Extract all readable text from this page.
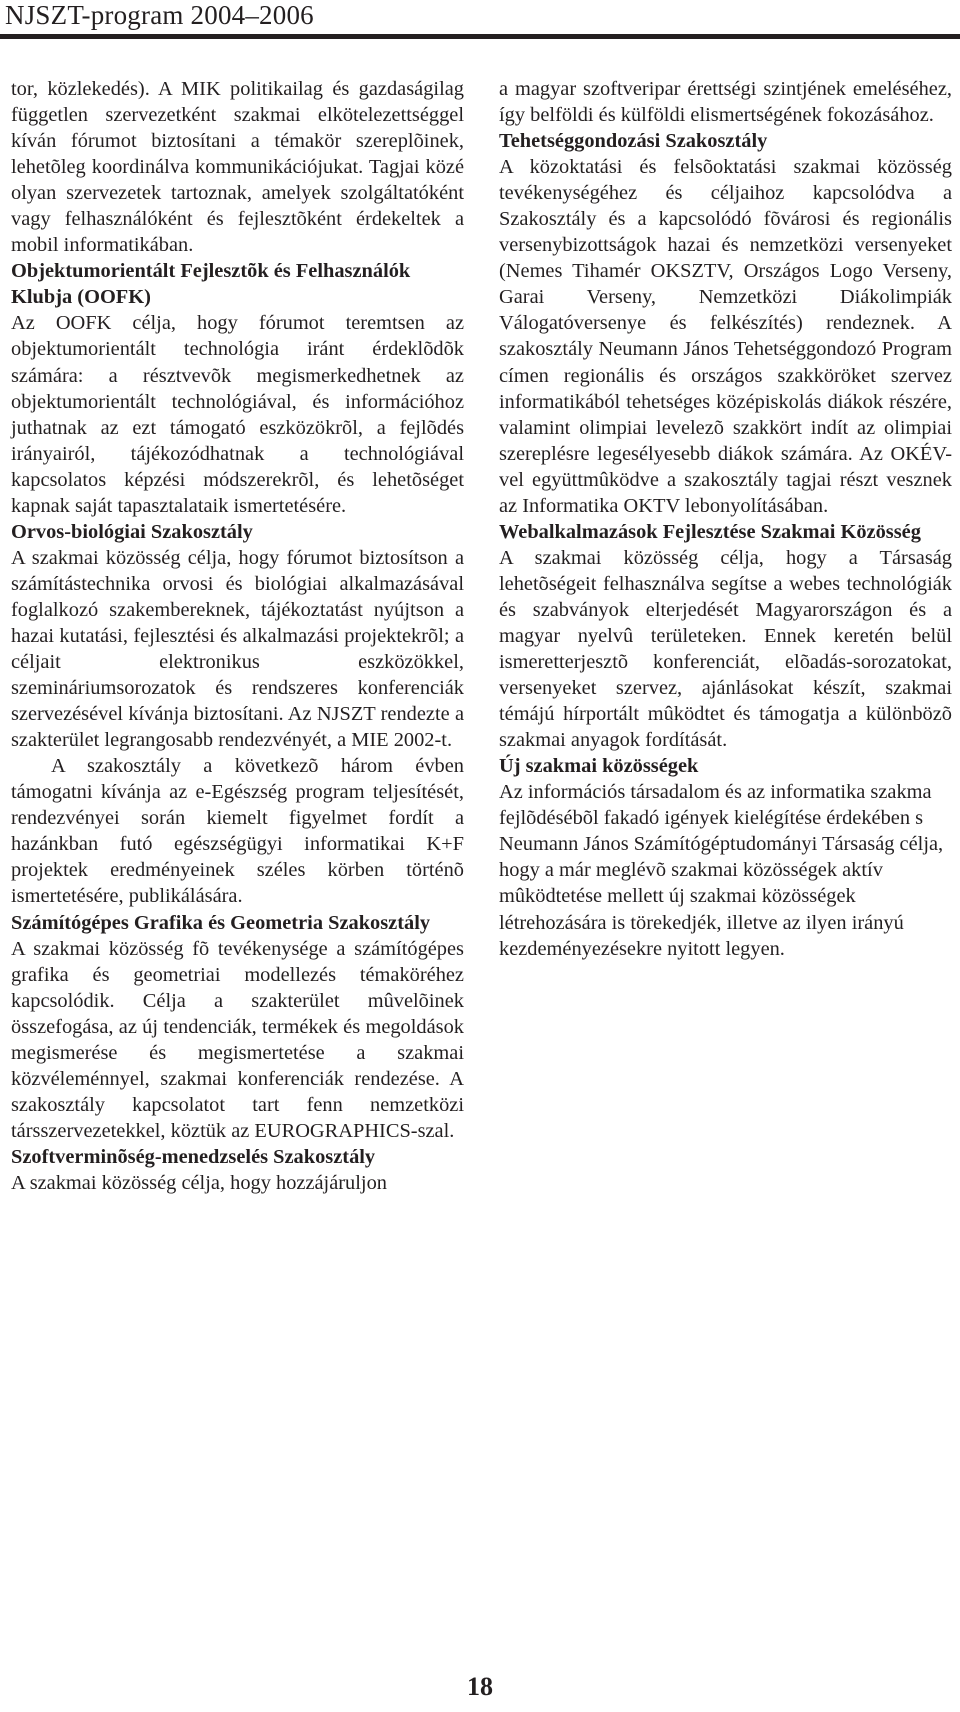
NJSZT-program 2004–2006

tor, közlekedés). A MIK politikailag és gazdaságilag független szervezetként szakmai elkötelezettséggel kíván fórumot biztosítani a témakör szereplõinek, lehetõleg koordinálva kommunikációjukat. Tagjai közé olyan szervezetek tartoznak, amelyek szolgáltatóként vagy felhasználóként és fejlesztõként érdekeltek a mobil informatikában.

Objektumorientált Fejlesztõk és Felhasználók Klubja (OOFK)

Az OOFK célja, hogy fórumot teremtsen az objektumorientált technológia iránt érdeklõdõk számára: a résztvevõk megismerkedhetnek az objektumorientált technológiával, és információhoz juthatnak az ezt támogató eszközökrõl, a fejlõdés irányairól, tájékozódhatnak a technológiával kapcsolatos képzési módszerekrõl, és lehetõséget kapnak saját tapasztalataik ismertetésére.

Orvos-biológiai Szakosztály

A szakmai közösség célja, hogy fórumot biztosítson a számítástechnika orvosi és biológiai alkalmazásával foglalkozó szakembereknek, tájékoztatást nyújtson a hazai kutatási, fejlesztési és alkalmazási projektekrõl; a céljait elektronikus eszközökkel, szemináriumsorozatok és rendszeres konferenciák szervezésével kívánja biztosítani. Az NJSZT rendezte a szakterület legrangosabb rendezvényét, a MIE 2002-t.

A szakosztály a következõ három évben támogatni kívánja az e-Egészség program teljesítését, rendezvényei során kiemelt figyelmet fordít a hazánkban futó egészségügyi informatikai K+F projektek eredményeinek széles körben történõ ismertetésére, publikálására.

Számítógépes Grafika és Geometria Szakosztály

A szakmai közösség fõ tevékenysége a számítógépes grafika és geometriai modellezés témaköréhez kapcsolódik. Célja a szakterület mûvelõinek összefogása, az új tendenciák, termékek és megoldások megismerése és megismertetése a szakmai közvéleménnyel, szakmai konferenciák rendezése. A szakosztály kapcsolatot tart fenn nemzetközi társszervezetekkel, köztük az EUROGRAPHICS-szal.

Szoftverminõség-menedzselés Szakosztály

A szakmai közösség célja, hogy hozzájáruljon

a magyar szoftveripar érettségi szintjének emeléséhez, így belföldi és külföldi elismertségének fokozásához.

Tehetséggondozási Szakosztály

A közoktatási és felsõoktatási szakmai közösség tevékenységéhez és céljaihoz kapcsolódva a Szakosztály és a kapcsolódó fõvárosi és regionális versenybizottságok hazai és nemzetközi versenyeket (Nemes Tihamér OKSZTV, Országos Logo Verseny, Garai Verseny, Nemzetközi Diákolimpiák Válogatóversenye és felkészítés) rendeznek. A szakosztály Neumann János Tehetséggondozó Program címen regionális és országos szakköröket szervez informatikából tehetséges középiskolás diákok részére, valamint olimpiai levelezõ szakkört indít az olimpiai szereplésre legesélyesebb diákok számára. Az OKÉV-vel együttmûködve a szakosztály tagjai részt vesznek az Informatika OKTV lebonyolításában.

Webalkalmazások Fejlesztése Szakmai Közösség

A szakmai közösség célja, hogy a Társaság lehetõségeit felhasználva segítse a webes technológiák és szabványok elterjedését Magyarországon és a magyar nyelvû területeken. Ennek keretén belül ismeretterjesztõ konferenciát, elõadás-sorozatokat, versenyeket szervez, ajánlásokat készít, szakmai témájú hírportált mûködtet és támogatja a különbözõ szakmai anyagok fordítását.

Új szakmai közösségek

Az információs társadalom és az informatika szakma fejlõdésébõl fakadó igények kielégítése érdekében s Neumann János Számítógéptudományi Társaság célja, hogy a már meglévõ szakmai közösségek aktív mûködtetése mellett új szakmai közösségek létrehozására is törekedjék, illetve az ilyen irányú kezdeményezésekre nyitott legyen.

18
